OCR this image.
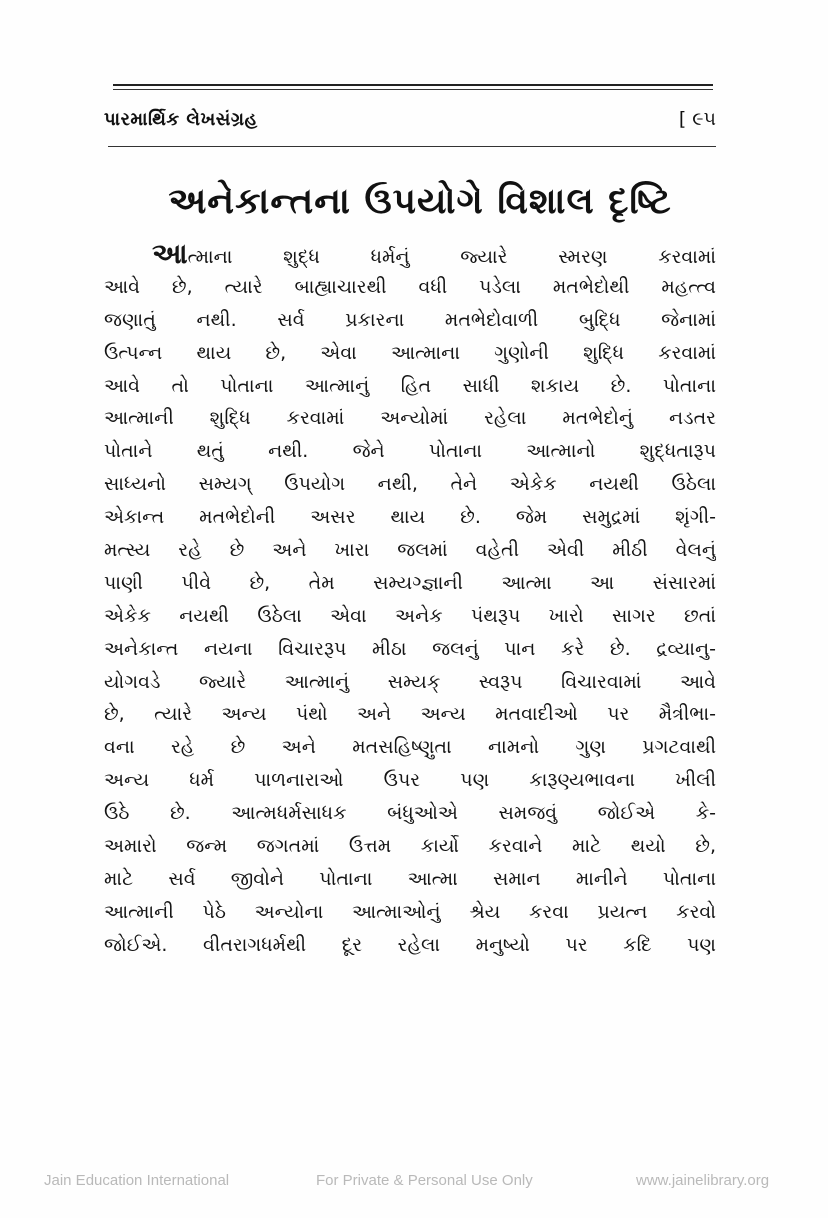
પારમાર્થિક લેખસંગ્રહ	[ ૯૫
અનેકાન્તના ઉપયોગે વિશાલ દૃષ્ટિ
આત્માના શુદ્ધ ધર્મનું જ્યારે સ્મરણ કરવામાં
આવે છે, ત્યારે બાહ્યાચારથી વધી પડેલા મતભેદોથી મહત્ત્વ
જણાતું નથી. સર્વ પ્રકારના મતભેદોવાળી બુદ્ધિ જેનામાં
ઉત્પન્ન થાય છે, એવા આત્માના ગુણોની શુદ્ધિ કરવામાં
આવે તો પોતાના આત્માનું હિત સાધી શકાય છે. પોતાના
આત્માની શુદ્ધિ કરવામાં અન્યોમાં રહેલા મતભેદોનું નડતર
પોતાને થતું નથી. જેને પોતાના આત્માનો શુદ્ધતારૂપ
સાધ્યનો સમ્યગ્ ઉપયોગ નથી, તેને એકેક નયથી ઉઠેલા
એકાન્ત મતભેદોની અસર થાય છે. જેમ સમુદ્રમાં શૃંગી-
મત્સ્ય રહે છે અને ખારા જલમાં વહેતી એવી મીઠી વેલનું
પાણી પીવે છે, તેમ સમ્યગ્જ્ઞાની આત્મા આ સંસારમાં
એકેક નયથી ઉઠેલા એવા અનેક પંથરૂપ ખારો સાગર છતાં
અનેકાન્ત નયના વિચારરૂપ મીઠા જલનું પાન કરે છે. દ્રવ્યાનુ-
યોગવડે જ્યારે આત્માનું સમ્યક્ સ્વરૂપ વિચારવામાં આવે
છે, ત્યારે અન્ય પંથો અને અન્ય મતવાદીઓ પર મૈત્રીભા-
વના રહે છે અને મતસહિષ્ણુતા નામનો ગુણ પ્રગટવાથી
અન્ય ધર્મ પાળનારાઓ ઉપર પણ કારૂણ્યભાવના ખીલી
ઉઠે છે. આત્મધર્મસાધક બંધુઓએ સમજવું જોઈએ કે-
અમારો જન્મ જગતમાં ઉત્તમ કાર્યો કરવાને માટે થયો છે,
માટે સર્વ જીવોને પોતાના આત્મા સમાન માનીને પોતાના
આત્માની પેઠે અન્યોના આત્માઓનું શ્રેય કરવા પ્રયત્ન કરવો
જોઈએ. વીતરાગધર્મથી દૂર રહેલા મનુષ્યો પર કદિ પણ
Jain Education International	For Private & Personal Use Only	www.jainelibrary.org
